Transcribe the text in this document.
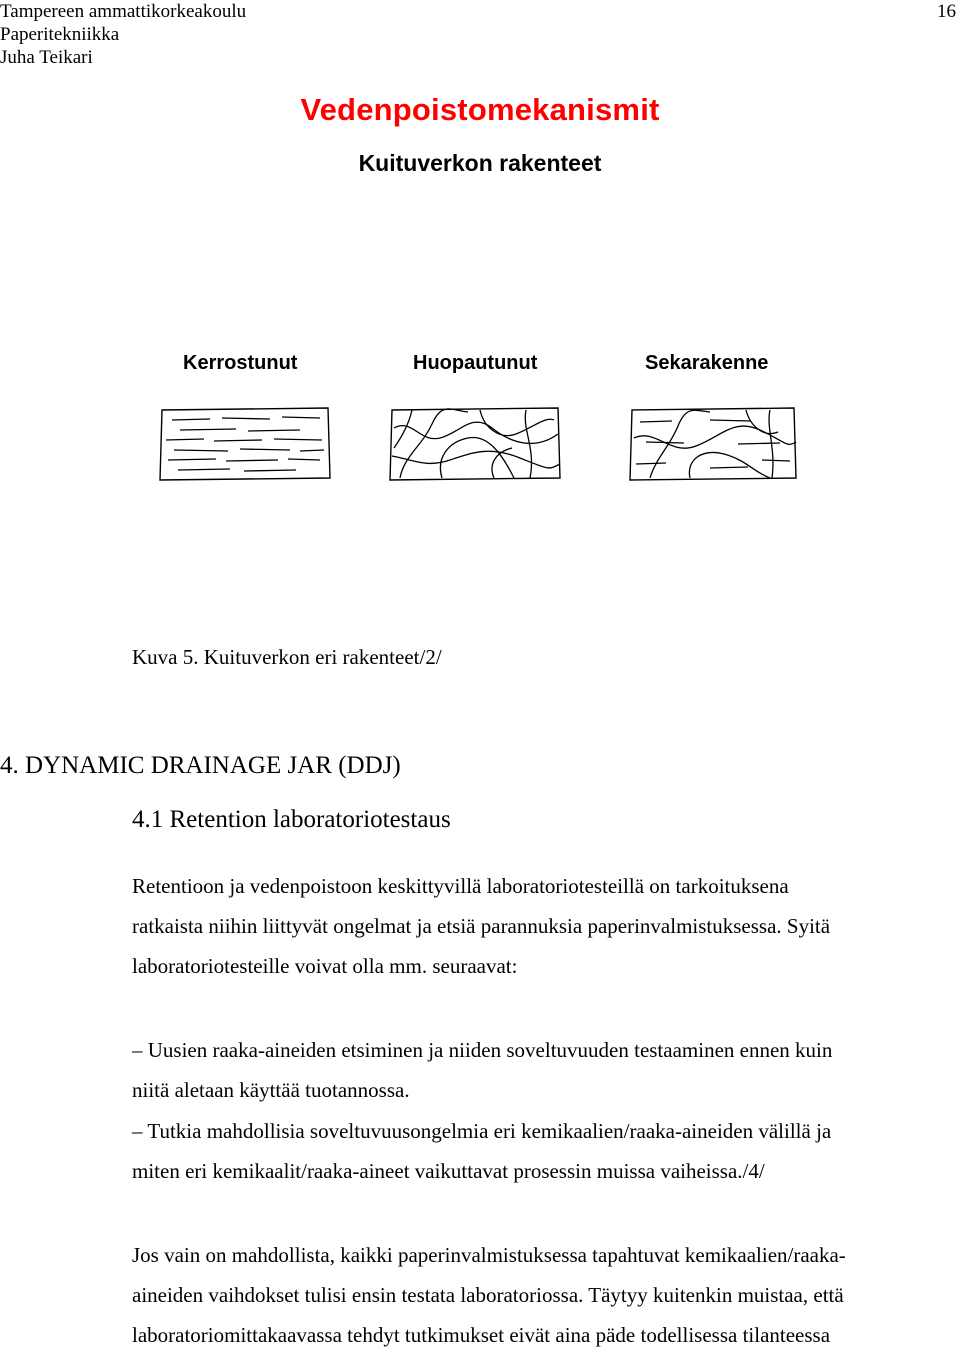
Tampereen ammattikorkeakoulu
Paperitekniikka
Juha Teikari
16
Vedenpoistomekanismit
Kuituverkon rakenteet
Kerrostunut	Huopautunut	Sekarakenne
Kuva 5. Kuituverkon eri rakenteet/2/
4. DYNAMIC DRAINAGE JAR (DDJ)
4.1 Retention laboratoriotestaus
Retentioon ja vedenpoistoon keskittyvillä laboratoriotesteillä on tarkoituksena
ratkaista niihin liittyvät ongelmat ja etsiä parannuksia paperinvalmistuksessa. Syitä
laboratoriotesteille voivat olla mm. seuraavat:
– Uusien raaka-aineiden etsiminen ja niiden soveltuvuuden testaaminen ennen kuin
niitä aletaan käyttää tuotannossa.
– Tutkia mahdollisia soveltuvuusongelmia eri kemikaalien/raaka-aineiden välillä ja
miten eri kemikaalit/raaka-aineet vaikuttavat prosessin muissa vaiheissa./4/
Jos vain on mahdollista, kaikki paperinvalmistuksessa tapahtuvat kemikaalien/raaka-
aineiden vaihdokset tulisi ensin testata laboratoriossa. Täytyy kuitenkin muistaa, että
laboratoriomittakaavassa tehdyt tutkimukset eivät aina päde todellisessa tilanteessa
